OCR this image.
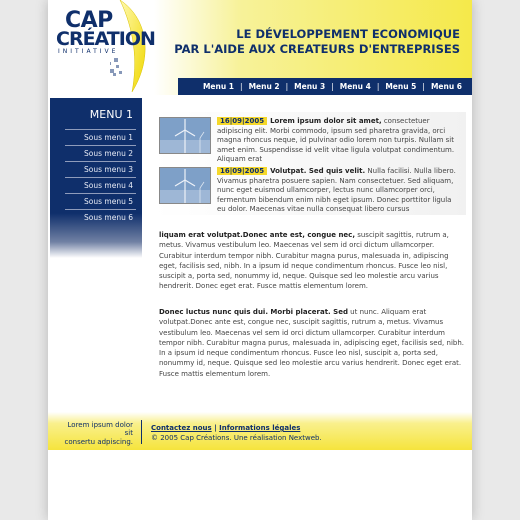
CAP
CRÉATION
INITIATIVE
LE DÉVELOPPEMENT ECONOMIQUE
PAR L'AIDE AUX CREATEURS D'ENTREPRISES
Menu 1 | Menu 2 | Menu 3 | Menu 4 | Menu 5 | Menu 6
MENU 1
Sous menu 1
Sous menu 2
Sous menu 3
Sous menu 4
Sous menu 5
Sous menu 6
16|09|2005 Lorem ipsum dolor sit amet, consectetuer adipiscing elit. Morbi commodo, ipsum sed pharetra gravida, orci magna rhoncus neque, id pulvinar odio lorem non turpis. Nullam sit amet enim. Suspendisse id velit vitae ligula volutpat condimentum. Aliquam erat
16|09|2005 Volutpat. Sed quis velit. Nulla facilisi. Nulla libero. Vivamus pharetra posuere sapien. Nam consectetuer. Sed aliquam, nunc eget euismod ullamcorper, lectus nunc ullamcorper orci, fermentum bibendum enim nibh eget ipsum. Donec porttitor ligula eu dolor. Maecenas vitae nulla consequat libero cursus
liquam erat volutpat.Donec ante est, congue nec, suscipit sagittis, rutrum a, metus. Vivamus vestibulum leo. Maecenas vel sem id orci dictum ullamcorper. Curabitur interdum tempor nibh. Curabitur magna purus, malesuada in, adipiscing eget, facilisis sed, nibh. In a ipsum id neque condimentum rhoncus. Fusce leo nisl, suscipit a, porta sed, nonummy id, neque. Quisque sed leo molestie arcu varius hendrerit. Donec eget erat. Fusce mattis elementum lorem.
Donec luctus nunc quis dui. Morbi placerat. Sed ut nunc. Aliquam erat volutpat.Donec ante est, congue nec, suscipit sagittis, rutrum a, metus. Vivamus vestibulum leo. Maecenas vel sem id orci dictum ullamcorper. Curabitur interdum tempor nibh. Curabitur magna purus, malesuada in, adipiscing eget, facilisis sed, nibh. In a ipsum id neque condimentum rhoncus. Fusce leo nisl, suscipit a, porta sed, nonummy id, neque. Quisque sed leo molestie arcu varius hendrerit. Donec eget erat. Fusce mattis elementum lorem.
Lorem ipsum dolor sit
consertu adpiscing.
Contactez nous | Informations légales
© 2005 Cap Créations. Une réalisation Nextweb.
